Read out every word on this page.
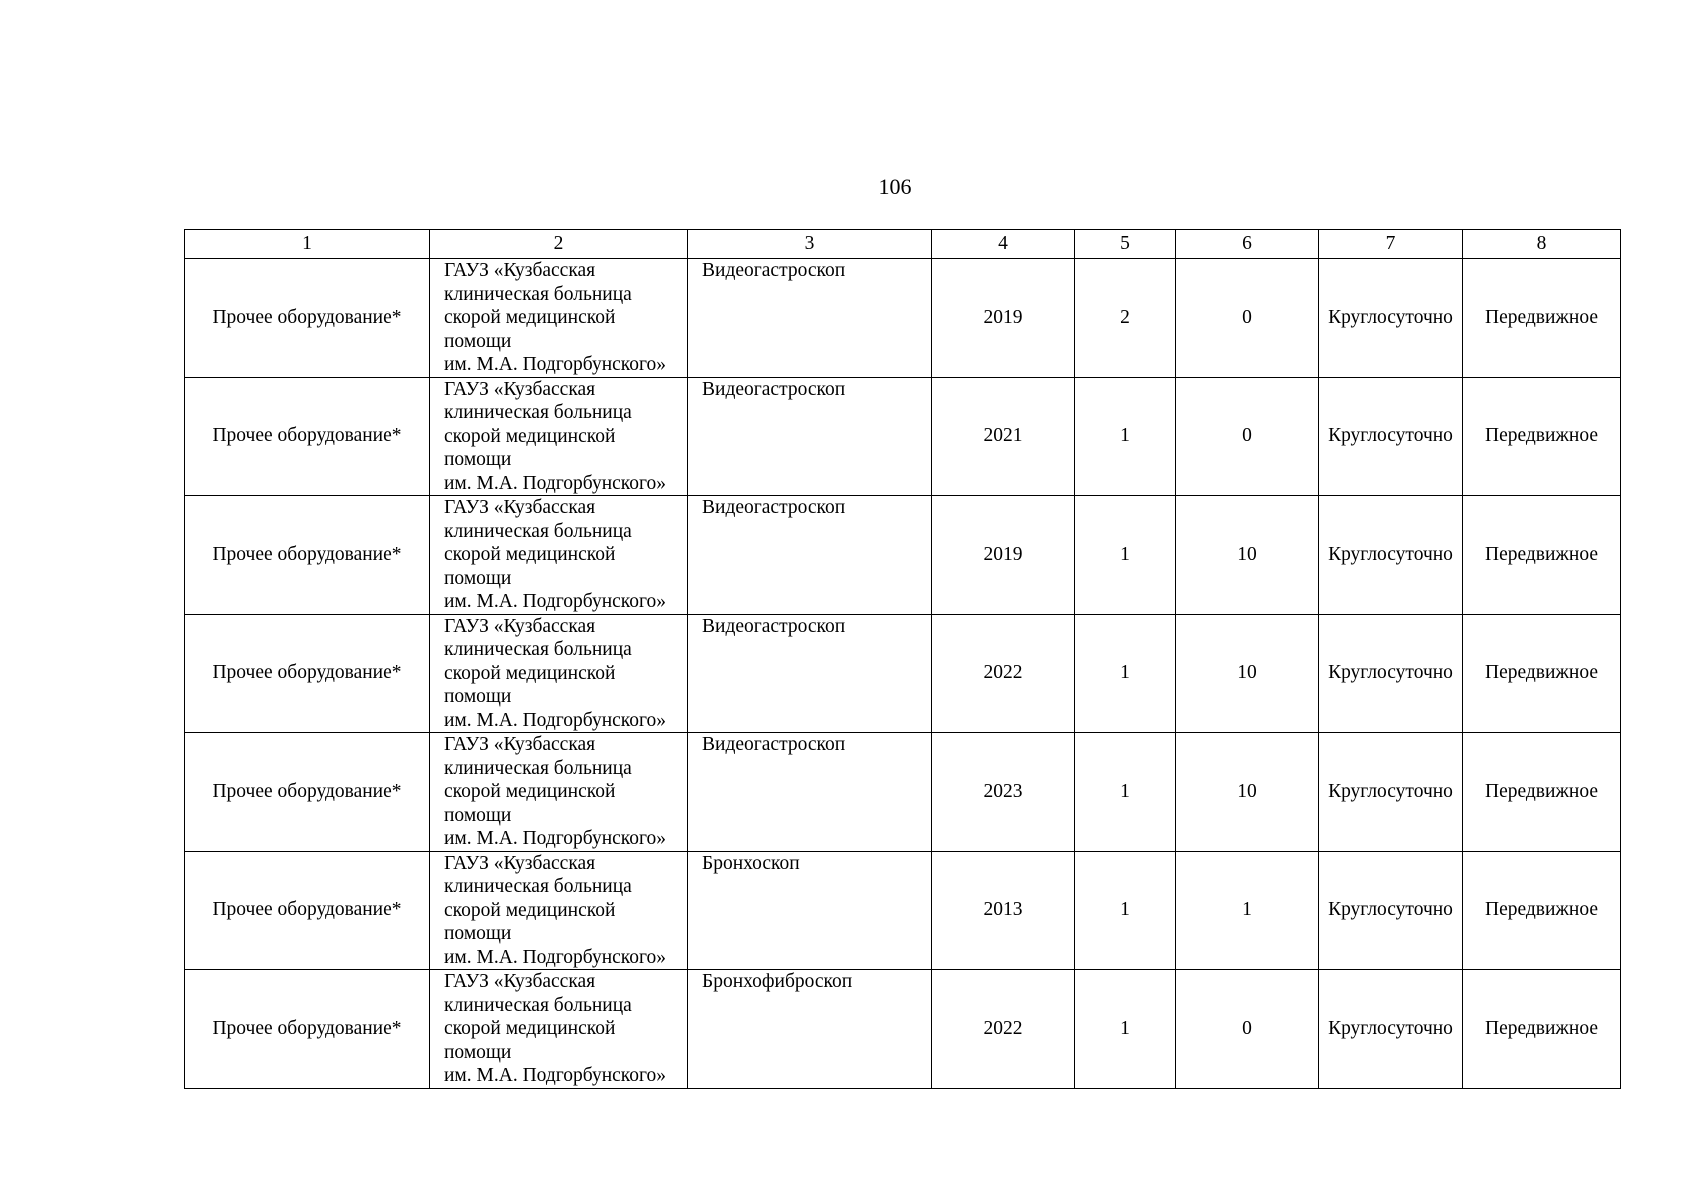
106
1	2	3	4	5	6	7	8
Прочее оборудование*	ГАУЗ «Кузбасская
клиническая больница
скорой медицинской
помощи
им. М.А. Подгорбунского»	Видеогастроскоп	2019	2	0	Круглосуточно	Передвижное
Прочее оборудование*	ГАУЗ «Кузбасская
клиническая больница
скорой медицинской
помощи
им. М.А. Подгорбунского»	Видеогастроскоп	2021	1	0	Круглосуточно	Передвижное
Прочее оборудование*	ГАУЗ «Кузбасская
клиническая больница
скорой медицинской
помощи
им. М.А. Подгорбунского»	Видеогастроскоп	2019	1	10	Круглосуточно	Передвижное
Прочее оборудование*	ГАУЗ «Кузбасская
клиническая больница
скорой медицинской
помощи
им. М.А. Подгорбунского»	Видеогастроскоп	2022	1	10	Круглосуточно	Передвижное
Прочее оборудование*	ГАУЗ «Кузбасская
клиническая больница
скорой медицинской
помощи
им. М.А. Подгорбунского»	Видеогастроскоп	2023	1	10	Круглосуточно	Передвижное
Прочее оборудование*	ГАУЗ «Кузбасская
клиническая больница
скорой медицинской
помощи
им. М.А. Подгорбунского»	Бронхоскоп	2013	1	1	Круглосуточно	Передвижное
Прочее оборудование*	ГАУЗ «Кузбасская
клиническая больница
скорой медицинской
помощи
им. М.А. Подгорбунского»	Бронхофиброскоп	2022	1	0	Круглосуточно	Передвижное
